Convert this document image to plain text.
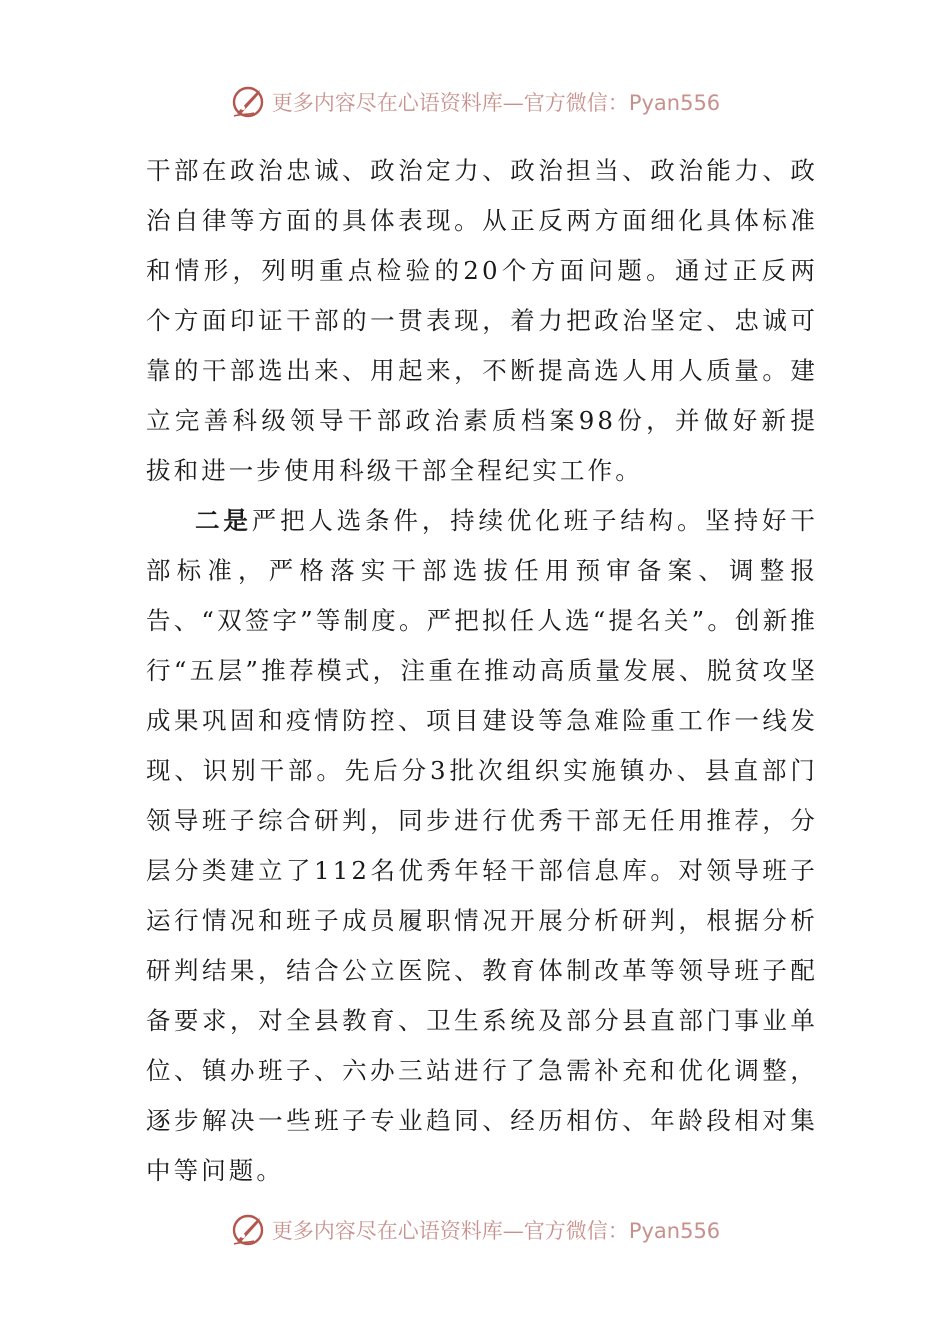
更多内容尽在心语资料库—官方微信：Pyan556

干部在政治忠诚、政治定力、政治担当、政治能力、政治自律等方面的具体表现。从正反两方面细化具体标准和情形，列明重点检验的20个方面问题。通过正反两个方面印证干部的一贯表现，着力把政治坚定、忠诚可靠的干部选出来、用起来，不断提高选人用人质量。建立完善科级领导干部政治素质档案98份，并做好新提拔和进一步使用科级干部全程纪实工作。

二是严把人选条件，持续优化班子结构。坚持好干部标准，严格落实干部选拔任用预审备案、调整报告、“双签字”等制度。严把拟任人选“提名关”。创新推行“五层”推荐模式，注重在推动高质量发展、脱贫攻坚成果巩固和疫情防控、项目建设等急难险重工作一线发现、识别干部。先后分3批次组织实施镇办、县直部门领导班子综合研判，同步进行优秀干部无任用推荐，分层分类建立了112名优秀年轻干部信息库。对领导班子运行情况和班子成员履职情况开展分析研判，根据分析研判结果，结合公立医院、教育体制改革等领导班子配备要求，对全县教育、卫生系统及部分县直部门事业单位、镇办班子、六办三站进行了急需补充和优化调整，逐步解决一些班子专业趋同、经历相仿、年龄段相对集中等问题。

更多内容尽在心语资料库—官方微信：Pyan556
